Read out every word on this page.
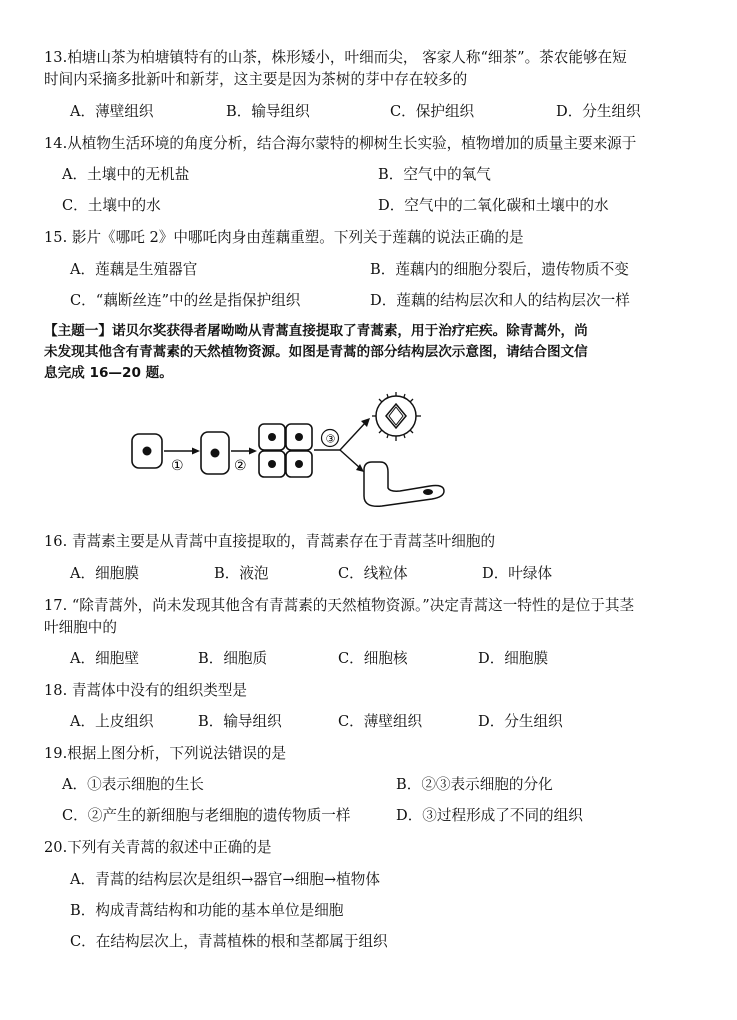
13.柏塘山茶为柏塘镇特有的山茶，株形矮小，叶细而尖， 客家人称“细茶”。茶农能够在短
时间内采摘多批新叶和新芽，这主要是因为茶树的芽中存在较多的
A．薄壁组织	B．输导组织	C．保护组织	D．分生组织
14.从植物生活环境的角度分析，结合海尔蒙特的柳树生长实验，植物增加的质量主要来源于
A．土壤中的无机盐	B．空气中的氧气
C．土壤中的水	D．空气中的二氧化碳和土壤中的水
15. 影片《哪吒 2》中哪吒肉身由莲藕重塑。下列关于莲藕的说法正确的是
A．莲藕是生殖器官	B．莲藕内的细胞分裂后，遗传物质不变
C．“藕断丝连”中的丝是指保护组织	D．莲藕的结构层次和人的结构层次一样
【主题一】诺贝尔奖获得者屠呦呦从青蒿直接提取了青蒿素，用于治疗疟疾。除青蒿外，尚
未发现其他含有青蒿素的天然植物资源。如图是青蒿的部分结构层次示意图，请结合图文信
息完成 16—20 题。
①	②
③
16. 青蒿素主要是从青蒿中直接提取的，青蒿素存在于青蒿茎叶细胞的
A．细胞膜	B．液泡	C．线粒体	D．叶绿体
17. “除青蒿外，尚未发现其他含有青蒿素的天然植物资源。”决定青蒿这一特性的是位于其茎
叶细胞中的
A．细胞壁	B．细胞质	C．细胞核	D．细胞膜
18. 青蒿体中没有的组织类型是
A．上皮组织	B．输导组织	C．薄壁组织	D．分生组织
19.根据上图分析，下列说法错误的是
A．①表示细胞的生长	B．②③表示细胞的分化
C．②产生的新细胞与老细胞的遗传物质一样	D．③过程形成了不同的组织
20.下列有关青蒿的叙述中正确的是
A．青蒿的结构层次是组织→器官→细胞→植物体
B．构成青蒿结构和功能的基本单位是细胞
C．在结构层次上，青蒿植株的根和茎都属于组织
